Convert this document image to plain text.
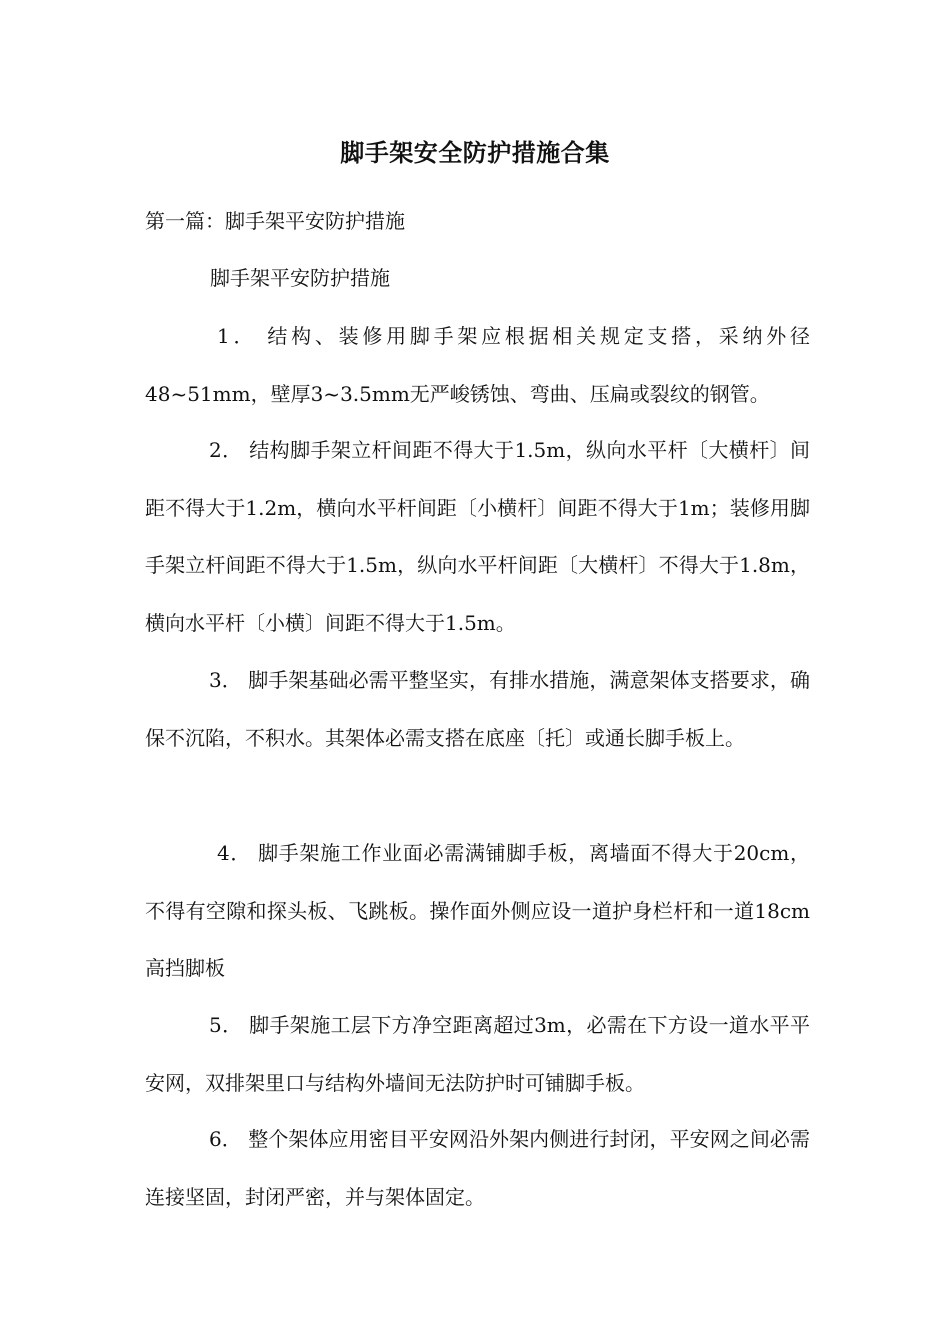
脚手架安全防护措施合集
第一篇：脚手架平安防护措施
脚手架平安防护措施

1． 结构、装修用脚手架应根据相关规定支搭，采纳外径48~51mm，壁厚3~3.5mm无严峻锈蚀、弯曲、压扁或裂纹的钢管。

2． 结构脚手架立杆间距不得大于1.5m，纵向水平杆〔大横杆〕间距不得大于1.2m，横向水平杆间距〔小横杆〕间距不得大于1m；装修用脚手架立杆间距不得大于1.5m，纵向水平杆间距〔大横杆〕不得大于1.8m，横向水平杆〔小横〕间距不得大于1.5m。

3． 脚手架基础必需平整坚实，有排水措施，满意架体支搭要求，确保不沉陷，不积水。其架体必需支搭在底座〔托〕或通长脚手板上。

4． 脚手架施工作业面必需满铺脚手板，离墙面不得大于20cm，不得有空隙和探头板、飞跳板。操作面外侧应设一道护身栏杆和一道18cm高挡脚板

5． 脚手架施工层下方净空距离超过3m，必需在下方设一道水平平安网，双排架里口与结构外墙间无法防护时可铺脚手板。

6． 整个架体应用密目平安网沿外架内侧进行封闭，平安网之间必需连接坚固，封闭严密，并与架体固定。
